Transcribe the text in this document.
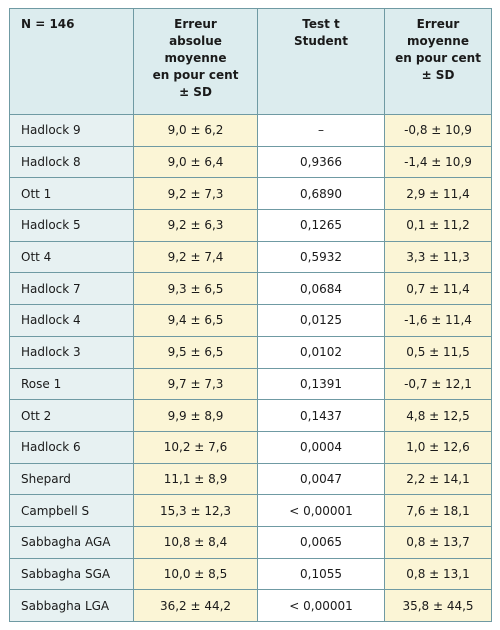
N = 146	Erreur
absolue
moyenne
en pour cent
± SD	Test t
Student	Erreur
moyenne
en pour cent
± SD
Hadlock 9	9,0 ± 6,2	–	-0,8 ± 10,9
Hadlock 8	9,0 ± 6,4	0,9366	-1,4 ± 10,9
Ott 1	9,2 ± 7,3	0,6890	2,9 ± 11,4
Hadlock 5	9,2 ± 6,3	0,1265	0,1 ± 11,2
Ott 4	9,2 ± 7,4	0,5932	3,3 ± 11,3
Hadlock 7	9,3 ± 6,5	0,0684	0,7 ± 11,4
Hadlock 4	9,4 ± 6,5	0,0125	-1,6 ± 11,4
Hadlock 3	9,5 ± 6,5	0,0102	0,5 ± 11,5
Rose 1	9,7 ± 7,3	0,1391	-0,7 ± 12,1
Ott 2	9,9 ± 8,9	0,1437	4,8 ± 12,5
Hadlock 6	10,2 ± 7,6	0,0004	1,0 ± 12,6
Shepard	11,1 ± 8,9	0,0047	2,2 ± 14,1
Campbell S	15,3 ± 12,3	< 0,00001	7,6 ± 18,1
Sabbagha AGA	10,8 ± 8,4	0,0065	0,8 ± 13,7
Sabbagha SGA	10,0 ± 8,5	0,1055	0,8 ± 13,1
Sabbagha LGA	36,2 ± 44,2	< 0,00001	35,8 ± 44,5
